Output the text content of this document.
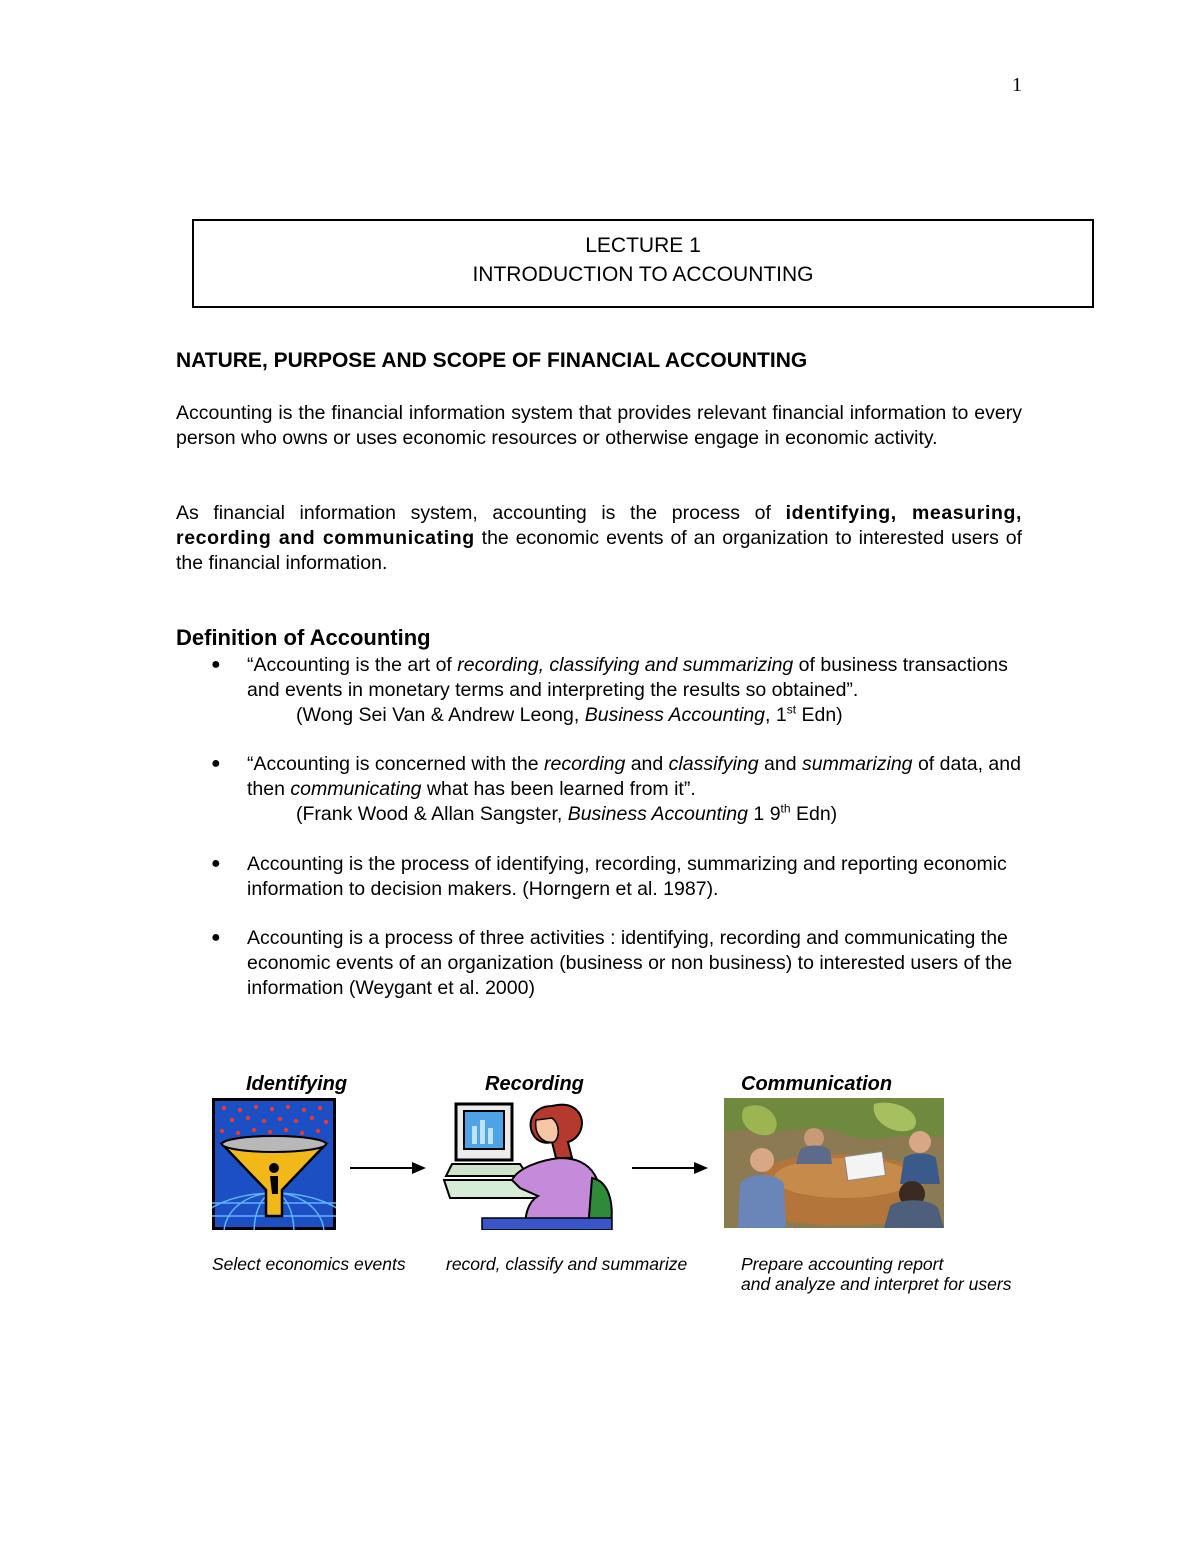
1
LECTURE 1
INTRODUCTION TO ACCOUNTING
NATURE, PURPOSE AND SCOPE OF FINANCIAL ACCOUNTING
Accounting is the financial information system that provides relevant financial information to every person who owns or uses economic resources or otherwise engage in economic activity.
As financial information system, accounting is the process of identifying, measuring, recording and communicating the economic events of an organization to interested users of the financial information.
Definition of Accounting
● “Accounting is the art of recording, classifying and summarizing of business transactions and events in monetary terms and interpreting the results so obtained”.
(Wong Sei Van & Andrew Leong, Business Accounting, 1st Edn)
● “Accounting is concerned with the recording and classifying and summarizing of data, and then communicating what has been learned from it”.
(Frank Wood & Allan Sangster, Business Accounting 1 9th Edn)
● Accounting is the process of identifying, recording, summarizing and reporting economic information to decision makers. (Horngern et al. 1987).
● Accounting is a process of three activities : identifying, recording and communicating the economic events of an organization (business or non business) to interested users of the information (Weygant et al. 2000)
Identifying	Recording	Communication
Select economics events record, classify and summarize	Prepare accounting report
and analyze and interpret for users
